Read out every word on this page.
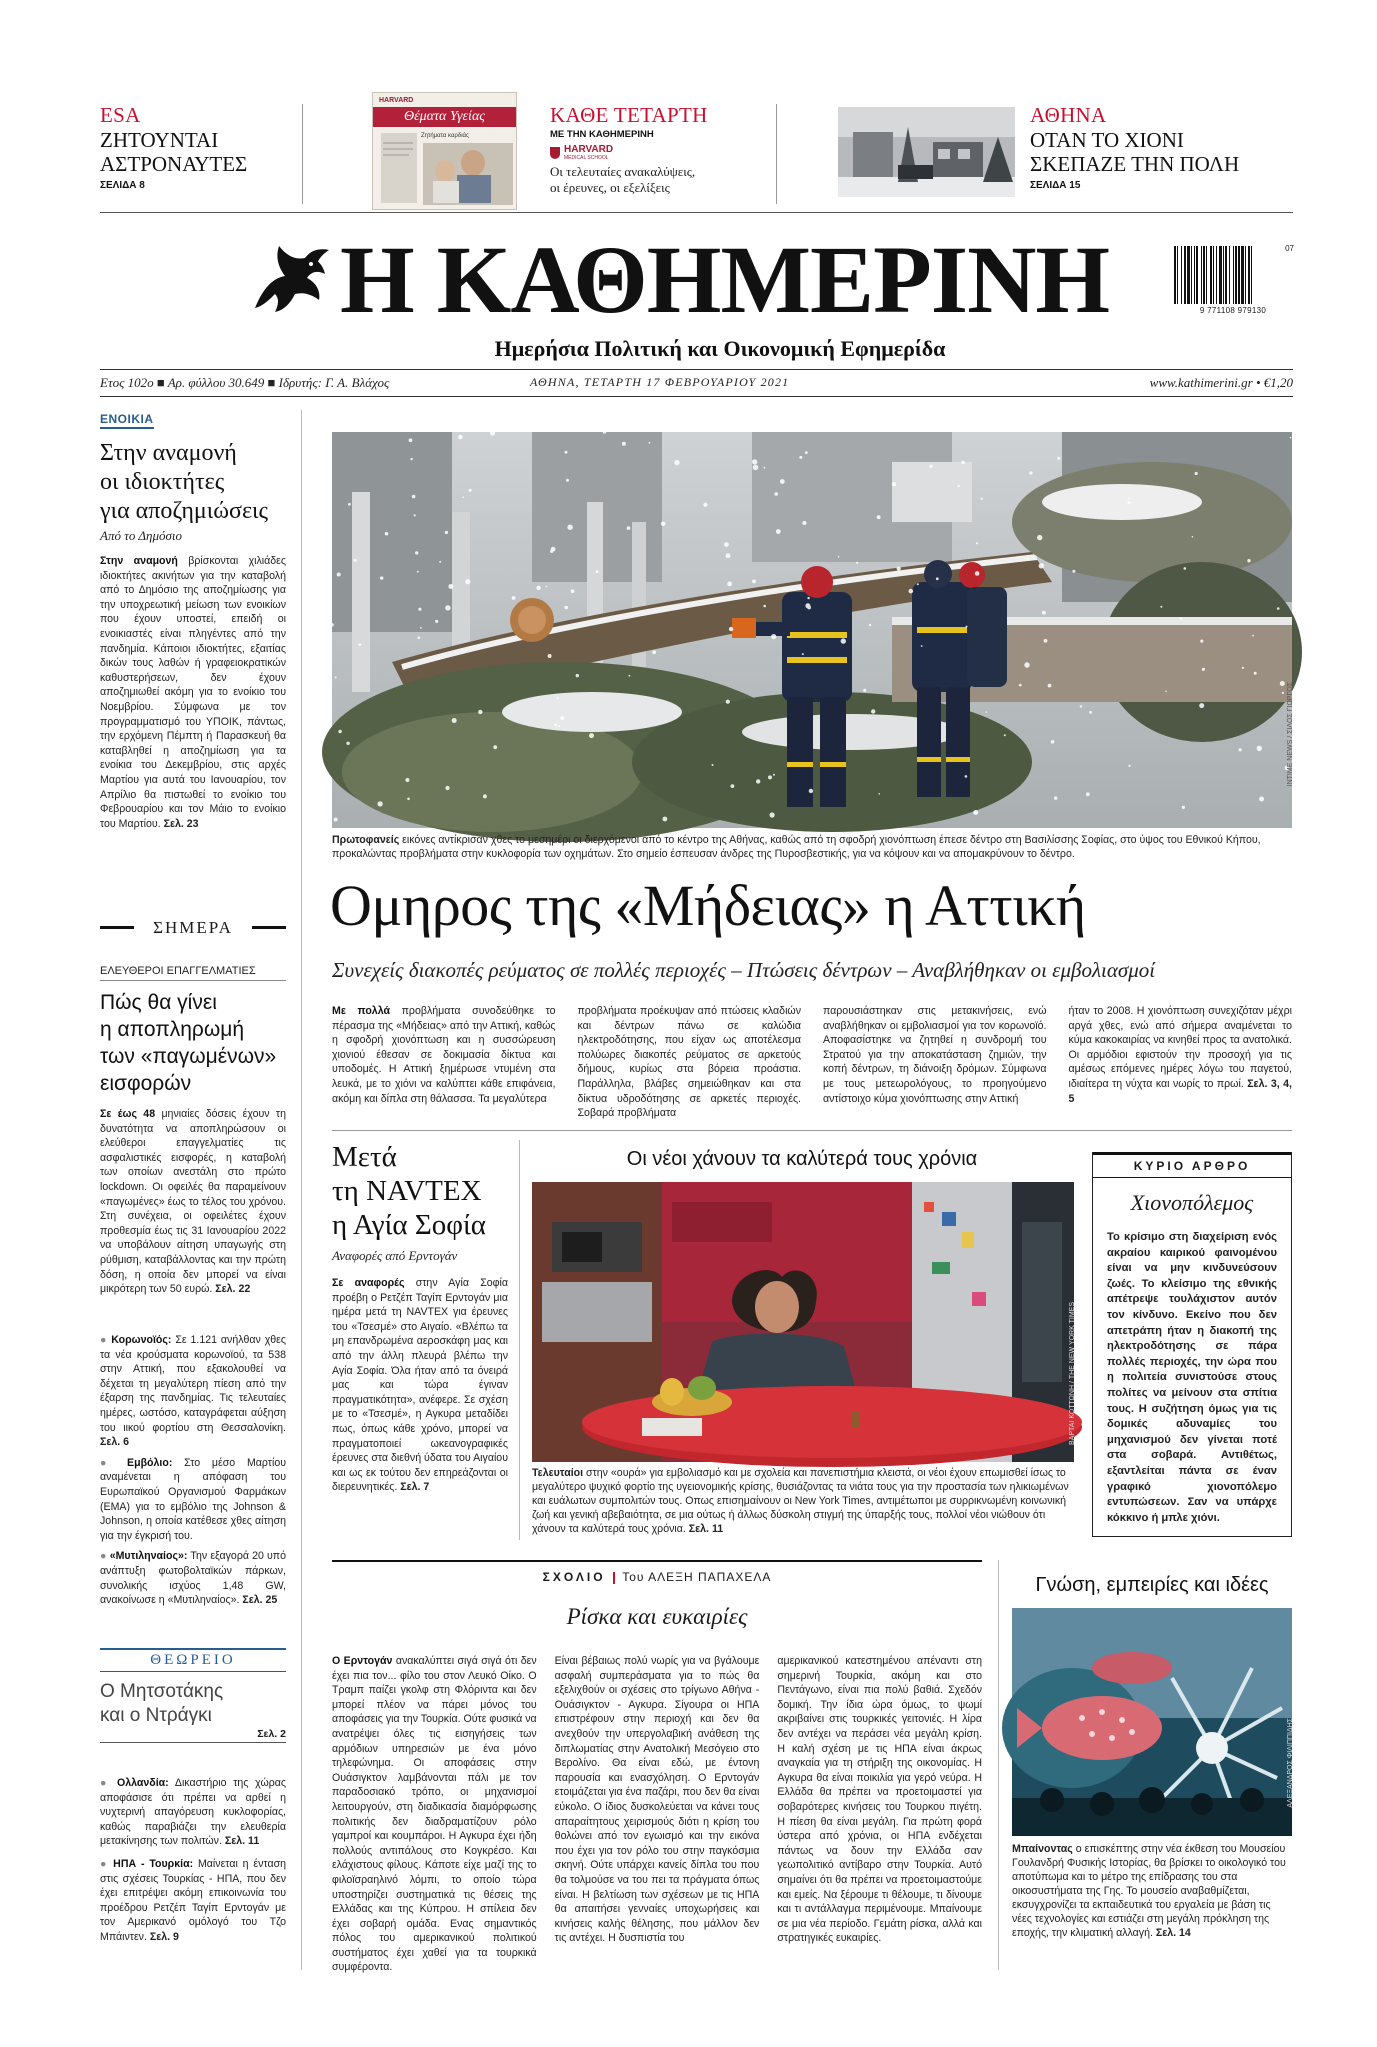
ESA
ΖΗΤΟΥΝΤΑΙ
ΑΣΤΡΟΝΑΥΤΕΣ
ΣΕΛΙΔΑ 8
HARVARD
Θέματα Υγείας
Ζητήματα καρδιάς
ΚΑΘΕ ΤΕΤΑΡΤΗ
ΜΕ ΤΗΝ ΚΑΘΗΜΕΡΙΝΗ
HARVARD
MEDICAL SCHOOL
Οι τελευταίες ανακαλύψεις,
οι έρευνες, οι εξελίξεις
ΑΘΗΝΑ
ΟΤΑΝ ΤΟ ΧΙΟΝΙ
ΣΚΕΠΑΖΕ ΤΗΝ ΠΟΛΗ
ΣΕΛΙΔΑ 15
Η ΚΑΘΗΜΕΡΙΝΗ	07
9 771108 979130
Ημερήσια Πολιτική και Οικονομική Εφημερίδα
Ετος 102ο ■ Αρ. φύλλου 30.649 ■ Ιδρυτής: Γ. Α. Βλάχος	ΑΘΗΝΑ, ΤΕΤΑΡΤΗ 17 ΦΕΒΡΟΥΑΡΙΟΥ 2021	www.kathimerini.gr • €1,20
ΕΝΟΙΚΙΑ
Στην αναμονή
οι ιδιοκτήτες
για αποζημιώσεις
Από το Δημόσιο
Στην αναμονή βρίσκονται χιλιάδες ιδιοκτήτες ακινήτων για την καταβολή από το Δημόσιο της αποζημίωσης για την υποχρεωτική μείωση των ενοικίων που έχουν υποστεί, επειδή οι ενοικιαστές είναι πληγέντες από την πανδημία. Κάποιοι ιδιοκτήτες, εξαιτίας δικών τους λαθών ή γραφειοκρατικών καθυστερήσεων, δεν έχουν αποζημιωθεί ακόμη για το ενοίκιο του Νοεμβρίου. Σύμφωνα με τον προγραμματισμό του ΥΠΟΙΚ, πάντως, την ερχόμενη Πέμπτη ή Παρασκευή θα καταβληθεί η αποζημίωση για τα ενοίκια του Δεκεμβρίου, στις αρχές Μαρτίου για αυτά του Ιανουαρίου, τον Απρίλιο θα πιστωθεί το ενοίκιο του Φεβρουαρίου και τον Μάιο το ενοίκιο του Μαρτίου. Σελ. 23
ΣΗΜΕΡΑ
ΕΛΕΥΘΕΡΟΙ ΕΠΑΓΓΕΛΜΑΤΙΕΣ
Πώς θα γίνει
η αποπληρωμή
των «παγωμένων»
εισφορών
Σε έως 48 μηνιαίες δόσεις έχουν τη δυνατότητα να αποπληρώσουν οι ελεύθεροι επαγγελματίες τις ασφαλιστικές εισφορές, η καταβολή των οποίων ανεστάλη στο πρώτο lockdown. Οι οφειλές θα παραμείνουν «παγωμένες» έως το τέλος του χρόνου. Στη συνέχεια, οι οφειλέτες έχουν προθεσμία έως τις 31 Ιανουαρίου 2022 να υποβάλουν αίτηση υπαγωγής στη ρύθμιση, καταβάλλοντας και την πρώτη δόση, η οποία δεν μπορεί να είναι μικρότερη των 50 ευρώ. Σελ. 22
● Κορωνοϊός: Σε 1.121 ανήλθαν χθες τα νέα κρούσματα κορωνοϊού, τα 538 στην Αττική, που εξακολουθεί να δέχεται τη μεγαλύτερη πίεση από την έξαρση της πανδημίας. Τις τελευταίες ημέρες, ωστόσο, καταγράφεται αύξηση του ιικού φορτίου στη Θεσσαλονίκη. Σελ. 6
● Εμβόλιο: Στο μέσο Μαρτίου αναμένεται η απόφαση του Ευρωπαϊκού Οργανισμού Φαρμάκων (ΕΜΑ) για το εμβόλιο της Johnson & Johnson, η οποία κατέθεσε χθες αίτηση για την έγκρισή του.
● «Μυτιληναίος»: Την εξαγορά 20 υπό ανάπτυξη φωτοβολταϊκών πάρκων, συνολικής ισχύος 1,48 GW, ανακοίνωσε η «Μυτιληναίος». Σελ. 25
ΘΕΩΡΕΙΟ
Ο Μητσοτάκης
και ο Ντράγκι
Σελ. 2
● Ολλανδία: Δικαστήριο της χώρας αποφάσισε ότι πρέπει να αρθεί η νυχτερινή απαγόρευση κυκλοφορίας, καθώς παραβιάζει την ελευθερία μετακίνησης των πολιτών. Σελ. 11
● ΗΠΑ - Τουρκία: Μαίνεται η ένταση στις σχέσεις Τουρκίας - ΗΠΑ, που δεν έχει επιτρέψει ακόμη επικοινωνία του προέδρου Ρετζέπ Ταγίπ Ερντογάν με τον Αμερικανό ομόλογό του Τζο Μπάιντεν. Σελ. 9
ΙΝΤΙΜΕ ΝΕWS / ΣΙΛΟΣ ΓΙΩΡΓΟΣ
Πρωτοφανείς εικόνες αντίκρισαν χθες το μεσημέρι οι διερχόμενοι από το κέντρο της Αθήνας, καθώς από τη σφοδρή χιονόπτωση έπεσε δέντρο στη Βασιλίσσης Σοφίας, στο ύψος του Εθνικού Κήπου, προκαλώντας προβλήματα στην κυκλοφορία των οχημάτων. Στο σημείο έσπευσαν άνδρες της Πυροσβεστικής, για να κόψουν και να απομακρύνουν το δέντρο.
Ομηρος της «Μήδειας» η Αττική
Συνεχείς διακοπές ρεύματος σε πολλές περιοχές – Πτώσεις δέντρων – Αναβλήθηκαν οι εμβολιασμοί
Με πολλά προβλήματα συνοδεύθηκε το πέρασμα της «Μήδειας» από την Αττική, καθώς η σφοδρή χιονόπτωση και η συσσώρευση χιονιού έθεσαν σε δοκιμασία δίκτυα και υποδομές. Η Αττική ξημέρωσε ντυμένη στα λευκά, με το χιόνι να καλύπτει κάθε επιφάνεια, ακόμη και δίπλα στη θάλασσα. Τα μεγαλύτερα
προβλήματα προέκυψαν από πτώσεις κλαδιών και δέντρων πάνω σε καλώδια ηλεκτροδότησης, που είχαν ως αποτέλεσμα πολύωρες διακοπές ρεύματος σε αρκετούς δήμους, κυρίως στα βόρεια προάστια. Παράλληλα, βλάβες σημειώθηκαν και στα δίκτυα υδροδότησης σε αρκετές περιοχές. Σοβαρά προβλήματα
παρουσιάστηκαν στις μετακινήσεις, ενώ αναβλήθηκαν οι εμβολιασμοί για τον κορωνοϊό. Αποφασίστηκε να ζητηθεί η συνδρομή του Στρατού για την αποκατάσταση ζημιών, την κοπή δέντρων, τη διάνοιξη δρόμων. Σύμφωνα με τους μετεωρολόγους, το προηγούμενο αντίστοιχο κύμα χιονόπτωσης στην Αττική
ήταν το 2008. Η χιονόπτωση συνεχιζόταν μέχρι αργά χθες, ενώ από σήμερα αναμένεται το κύμα κακοκαιρίας να κινηθεί προς τα ανατολικά. Οι αρμόδιοι εφιστούν την προσοχή για τις αμέσως επόμενες ημέρες λόγω του παγετού, ιδιαίτερα τη νύχτα και νωρίς το πρωί. Σελ. 3, 4, 5
Μετά
τη NAVTEX
η Αγία Σοφία
Αναφορές από Ερντογάν
Σε αναφορές στην Αγία Σοφία προέβη ο Ρετζέπ Ταγίπ Ερντογάν μια ημέρα μετά τη NAVTEX για έρευνες του «Τσεσμέ» στο Αιγαίο. «Βλέπω τα μη επανδρωμένα αεροσκάφη μας και από την άλλη πλευρά βλέπω την Αγία Σοφία. Όλα ήταν από τα όνειρά μας και τώρα έγιναν πραγματικότητα», ανέφερε. Σε σχέση με το «Τσεσμέ», η Αγκυρα μεταδίδει πως, όπως κάθε χρόνο, μπορεί να πραγματοποιεί ωκεανογραφικές έρευνες στα διεθνή ύδατα του Αιγαίου και ως εκ τούτου δεν επηρεάζονται οι διερευνητικές. Σελ. 7
Οι νέοι χάνουν τα καλύτερά τους χρόνια
ΒΑΡΤΑΙ ΚΟΤΤΩΝΗ / THE NEW YORK TIMES
Τελευταίοι στην «ουρά» για εμβολιασμό και με σχολεία και πανεπιστήμια κλειστά, οι νέοι έχουν επωμισθεί ίσως το μεγαλύτερο ψυχικό φορτίο της υγειονομικής κρίσης, θυσιάζοντας τα νιάτα τους για την προστασία των ηλικιωμένων και ευάλωτων συμπολιτών τους. Οπως επισημαίνουν οι New York Times, αντιμέτωποι με συρρικνωμένη κοινωνική ζωή και γενική αβεβαιότητα, σε μια ούτως ή άλλως δύσκολη στιγμή της ύπαρξής τους, πολλοί νέοι νιώθουν ότι χάνουν τα καλύτερά τους χρόνια. Σελ. 11
ΚΥΡΙΟ ΑΡΘΡΟ
Χιονοπόλεμος
Το κρίσιμο στη διαχείριση ενός ακραίου καιρικού φαινομένου είναι να μην κινδυνεύσουν ζωές. Το κλείσιμο της εθνικής απέτρεψε τουλάχιστον αυτόν τον κίνδυνο. Εκείνο που δεν απετράπη ήταν η διακοπή της ηλεκτροδότησης σε πάρα πολλές περιοχές, την ώρα που η πολιτεία συνιστούσε στους πολίτες να μείνουν στα σπίτια τους. Η συζήτηση όμως για τις δομικές αδυναμίες του μηχανισμού δεν γίνεται ποτέ στα σοβαρά. Αντιθέτως, εξαντλείται πάντα σε έναν γραφικό χιονοπόλεμο εντυπώσεων. Σαν να υπάρχε κόκκινο ή μπλε χιόνι.
ΣΧΟΛΙΟ Του ΑΛΕΞΗ ΠΑΠΑΧΕΛΑ
Ρίσκα και ευκαιρίες
Ο Ερντογάν ανακαλύπτει σιγά σιγά ότι δεν έχει πια τον... φίλο του στον Λευκό Οίκο. Ο Τραμπ παίζει γκολφ στη Φλόριντα και δεν μπορεί πλέον να πάρει μόνος του αποφάσεις για την Τουρκία. Ούτε φυσικά να ανατρέψει όλες τις εισηγήσεις των αρμόδιων υπηρεσιών με ένα μόνο τηλεφώνημα. Οι αποφάσεις στην Ουάσιγκτον λαμβάνονται πάλι με τον παραδοσιακό τρόπο, οι μηχανισμοί λειτουργούν, στη διαδικασία διαμόρφωσης πολιτικής δεν διαδραματίζουν ρόλο γαμπροί και κουμπάροι. Η Αγκυρα έχει ήδη πολλούς αντιπάλους στο Κογκρέσο. Και ελάχιστους φίλους. Κάποτε είχε μαζί της το φιλοϊσραηλινό λόμπι, το οποίο τώρα υποστηρίζει συστηματικά τις θέσεις της Ελλάδας και της Κύπρου. Η σπίλεια δεν έχει σοβαρή ομάδα. Ενας σημαντικός πόλος του αμερικανικού πολιτικού συστήματος έχει χαθεί για τα τουρκικά συμφέροντα.
Είναι βέβαιως πολύ νωρίς για να βγάλουμε ασφαλή συμπεράσματα για το πώς θα εξελιχθούν οι σχέσεις στο τρίγωνο Αθήνα - Ουάσιγκτον - Αγκυρα. Σίγουρα οι ΗΠΑ επιστρέφουν στην περιοχή και δεν θα ανεχθούν την υπεργολαβική ανάθεση της διπλωματίας στην Ανατολική Μεσόγειο στο Βερολίνο. Θα είναι εδώ, με έντονη παρουσία και ενασχόληση. Ο Ερντογάν ετοιμάζεται για ένα παζάρι, που δεν θα είναι εύκολο. Ο ίδιος δυσκολεύεται να κάνει τους απαραίτητους χειρισμούς διότι η κρίση του θολώνει από τον εγωισμό και την εικόνα που έχει για τον ρόλο του στην παγκόσμια σκηνή. Ούτε υπάρχει κανείς δίπλα του που θα τολμούσε να του πει τα πράγματα όπως είναι. Η βελτίωση των σχέσεων με τις ΗΠΑ θα απαιτήσει γενναίες υποχωρήσεις και κινήσεις καλής θέλησης, που μάλλον δεν τις αντέχει. Η δυσπιστία του
αμερικανικού κατεστημένου απέναντι στη σημερινή Τουρκία, ακόμη και στο Πεντάγωνο, είναι πια πολύ βαθιά. Σχεδόν δομική. Την ίδια ώρα όμως, το ψωμί ακριβαίνει στις τουρκικές γειτονιές. Η λίρα δεν αντέχει να περάσει νέα μεγάλη κρίση. Η καλή σχέση με τις ΗΠΑ είναι άκρως αναγκαία για τη στήριξη της οικονομίας. Η Αγκυρα θα είναι ποικιλία για γερό νεύρα. Η Ελλάδα θα πρέπει να προετοιμαστεί για σοβαρότερες κινήσεις του Τουρκου πιγέτη. Η πίεση θα είναι μεγάλη. Για πρώτη φορά ύστερα από χρόνια, οι ΗΠΑ ενδέχεται πάντως να δουν την Ελλάδα σαν γεωπολιτικό αντίβαρο στην Τουρκία. Αυτό σημαίνει ότι θα πρέπει να προετοιμαστούμε και εμείς. Να ξέρουμε τι θέλουμε, τι δίνουμε και τι αντάλλαγμα περιμένουμε. Μπαίνουμε σε μια νέα περίοδο. Γεμάτη ρίσκα, αλλά και στρατηγικές ευκαιρίες.
Γνώση, εμπειρίες και ιδέες
ΑΛΕΞΑΝΔΡΟΣ ΦΙΛΙΠΠΙΔΗΣ
Μπαίνοντας ο επισκέπτης στην νέα έκθεση του Μουσείου Γουλανδρή Φυσικής Ιστορίας, θα βρίσκει το οικολογικό του αποτύπωμα και το μέτρο της επίδρασης του στα οικοσυστήματα της Γης. Το μουσείο αναβαθμίζεται, εκσυγχρονίζει τα εκπαιδευτικά του εργαλεία με βάση τις νέες τεχνολογίες και εστιάζει στη μεγάλη πρόκληση της εποχής, την κλιματική αλλαγή. Σελ. 14
